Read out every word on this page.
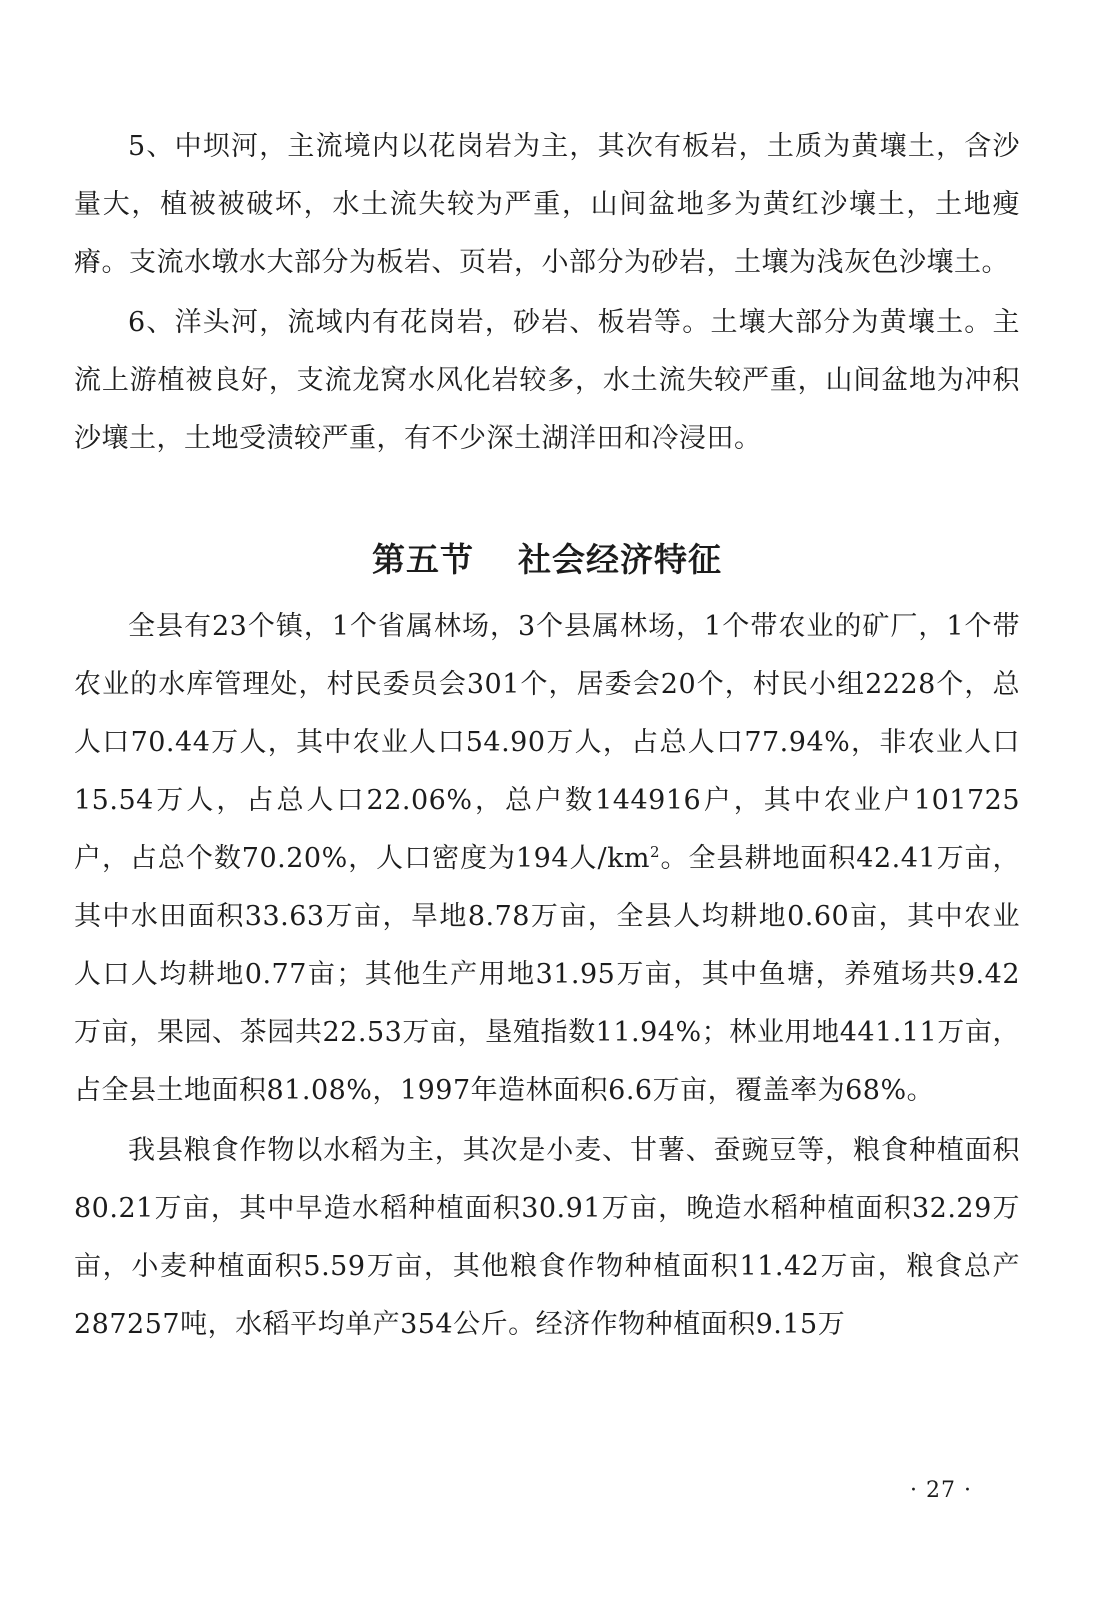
5、中坝河，主流境内以花岗岩为主，其次有板岩，土质为黄壤土，含沙量大，植被被破坏，水土流失较为严重，山间盆地多为黄红沙壤土，土地瘦瘠。支流水墩水大部分为板岩、页岩，小部分为砂岩，土壤为浅灰色沙壤土。

6、洋头河，流域内有花岗岩，砂岩、板岩等。土壤大部分为黄壤土。主流上游植被良好，支流龙窝水风化岩较多，水土流失较严重，山间盆地为冲积沙壤土，土地受渍较严重，有不少深土湖洋田和冷浸田。

第五节 社会经济特征

全县有23个镇，1个省属林场，3个县属林场，1个带农业的矿厂，1个带农业的水库管理处，村民委员会301个，居委会20个，村民小组2228个，总人口70.44万人，其中农业人口54.90万人，占总人口77.94%，非农业人口15.54万人，占总人口22.06%，总户数144916户，其中农业户101725户，占总个数70.20%，人口密度为194人$/km^2$。全县耕地面积42.41万亩，其中水田面积33.63万亩，旱地8.78万亩，全县人均耕地0.60亩，其中农业人口人均耕地0.77亩；其他生产用地31.95万亩，其中鱼塘，养殖场共9.42万亩，果园、茶园共22.53万亩，垦殖指数11.94%；林业用地441.11万亩，占全县土地面积81.08%，1997年造林面积6.6万亩，覆盖率为68%。

我县粮食作物以水稻为主，其次是小麦、甘薯、蚕豌豆等，粮食种植面积80.21万亩，其中早造水稻种植面积30.91万亩，晚造水稻种植面积32.29万亩，小麦种植面积5.59万亩，其他粮食作物种植面积11.42万亩，粮食总产287257吨，水稻平均单产354公斤。经济作物种植面积9.15万

· 27 ·
